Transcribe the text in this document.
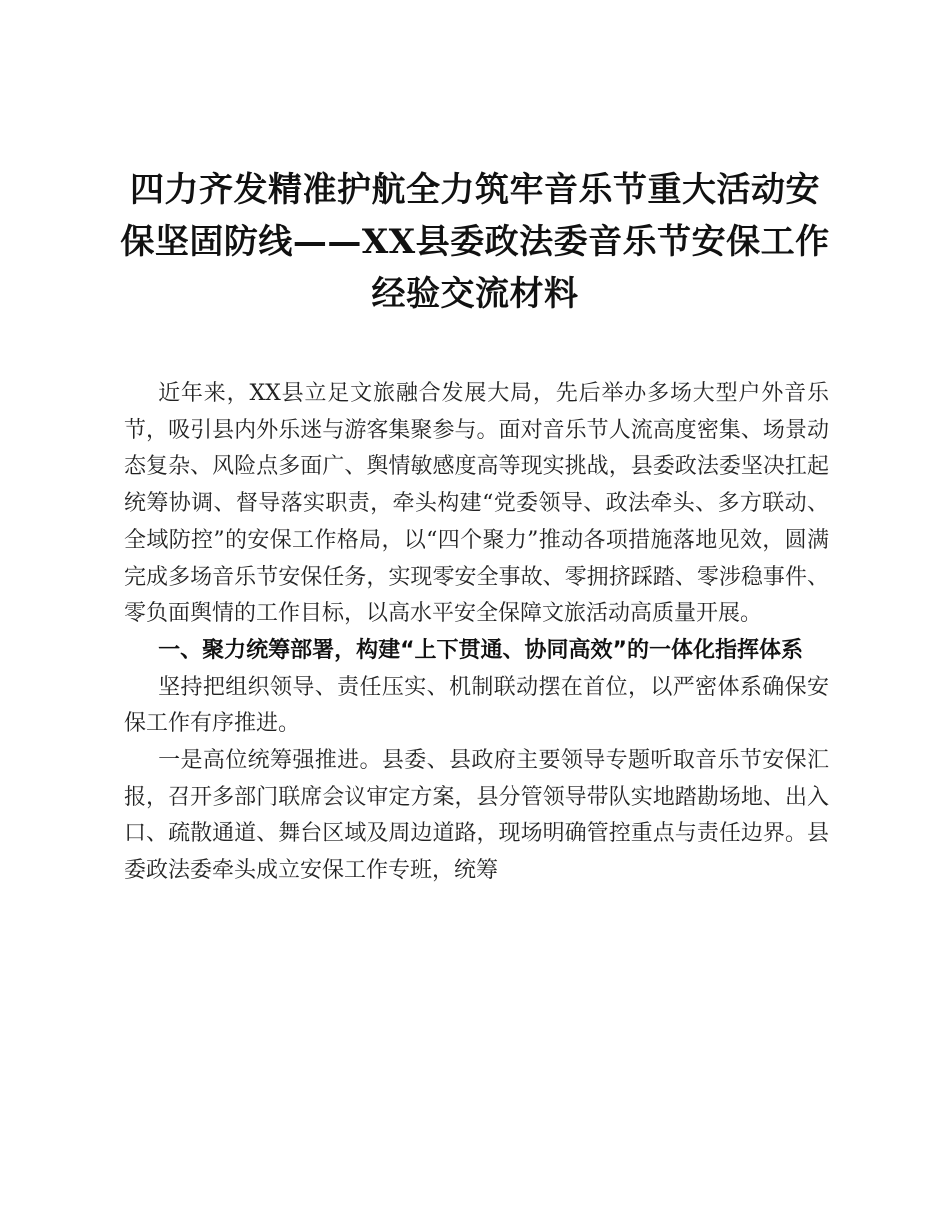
四力齐发精准护航全力筑牢音乐节重大活动安
保坚固防线——XX县委政法委音乐节安保工作
经验交流材料

近年来，XX县立足文旅融合发展大局，先后举办多场大型户外音乐节，吸引县内外乐迷与游客集聚参与。面对音乐节人流高度密集、场景动态复杂、风险点多面广、舆情敏感度高等现实挑战，县委政法委坚决扛起统筹协调、督导落实职责，牵头构建“党委领导、政法牵头、多方联动、全域防控”的安保工作格局，以“四个聚力”推动各项措施落地见效，圆满完成多场音乐节安保任务，实现零安全事故、零拥挤踩踏、零涉稳事件、零负面舆情的工作目标，以高水平安全保障文旅活动高质量开展。

一、聚力统筹部署，构建“上下贯通、协同高效”的一体化指挥体系

坚持把组织领导、责任压实、机制联动摆在首位，以严密体系确保安保工作有序推进。

一是高位统筹强推进。县委、县政府主要领导专题听取音乐节安保汇报，召开多部门联席会议审定方案，县分管领导带队实地踏勘场地、出入口、疏散通道、舞台区域及周边道路，现场明确管控重点与责任边界。县委政法委牵头成立安保工作专班，统筹
